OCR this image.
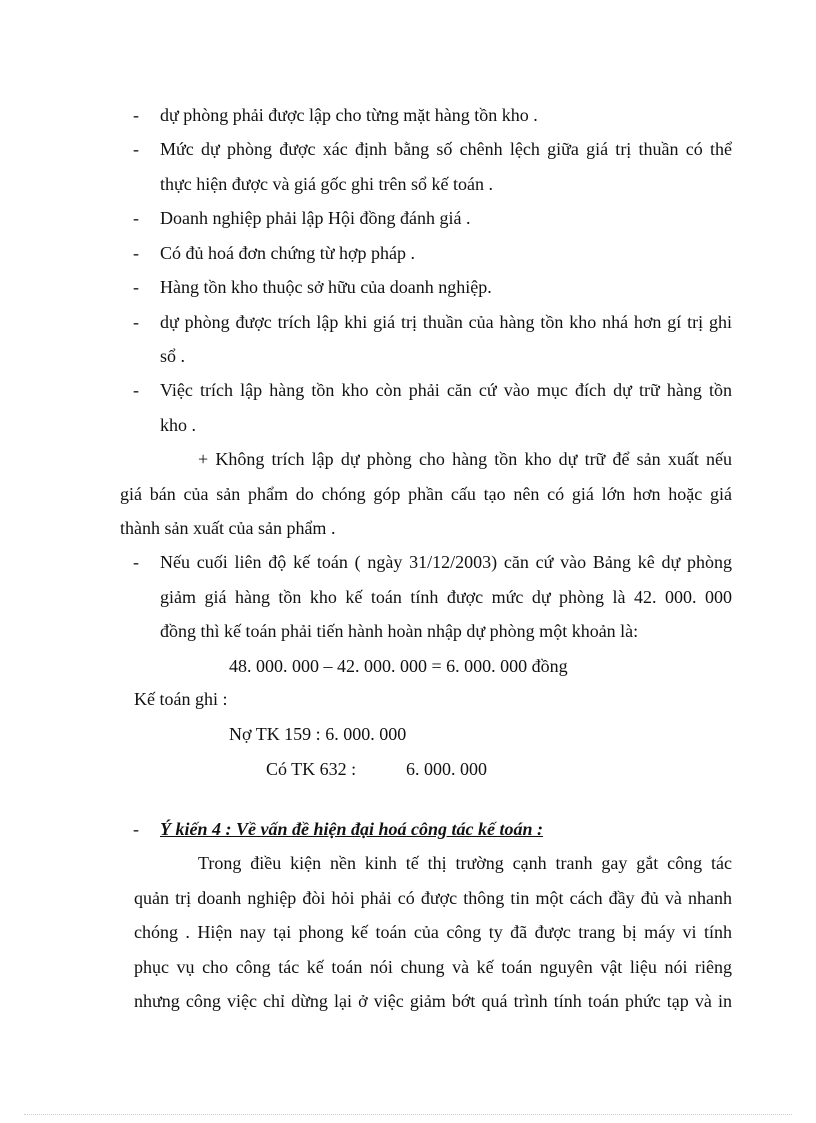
- dự phòng phải được lập cho từng mặt hàng tồn kho .
- Mức dự phòng được xác định bằng số chênh lệch giữa giá trị thuần có thể
thực hiện được và giá gốc ghi trên sổ kế toán .
- Doanh nghiệp phải lập Hội đồng đánh giá .
- Có đủ hoá đơn chứng từ hợp pháp .
- Hàng tồn kho thuộc sở hữu của doanh nghiệp.
- dự phòng được trích lập khi giá trị thuần của hàng tồn kho nhá hơn gí trị ghi
sổ .
- Việc trích lập hàng tồn kho còn phải căn cứ vào mục đích dự trữ hàng tồn
kho .
+ Không trích lập dự phòng cho hàng tồn kho dự trữ để sản xuất nếu
giá bán của sản phẩm do chóng góp phần cấu tạo nên có giá lớn hơn hoặc giá
thành sản xuất của sản phẩm .
- Nếu cuối liên độ kế toán ( ngày 31/12/2003) căn cứ vào Bảng kê dự phòng
giảm giá hàng tồn kho kế toán tính được mức dự phòng là 42. 000. 000
đồng thì kế toán phải tiến hành hoàn nhập dự phòng một khoản là:
48. 000. 000 – 42. 000. 000 = 6. 000. 000 đồng
Kế toán ghi :
Nợ TK 159 : 6. 000. 000
Có TK 632 :	6. 000. 000
- Ý kiến 4 : Về vấn đề hiện đại hoá công tác kế toán :
Trong điều kiện nền kinh tế thị trường cạnh tranh gay gắt công tác
quản trị doanh nghiệp đòi hỏi phải có được thông tin một cách đầy đủ và nhanh
chóng . Hiện nay tại phong kế toán của công ty đã được trang bị máy vi tính
phục vụ cho công tác kế toán nói chung và kế toán nguyên vật liệu nói riêng
nhưng công việc chỉ dừng lại ở việc giảm bớt quá trình tính toán phức tạp và in
